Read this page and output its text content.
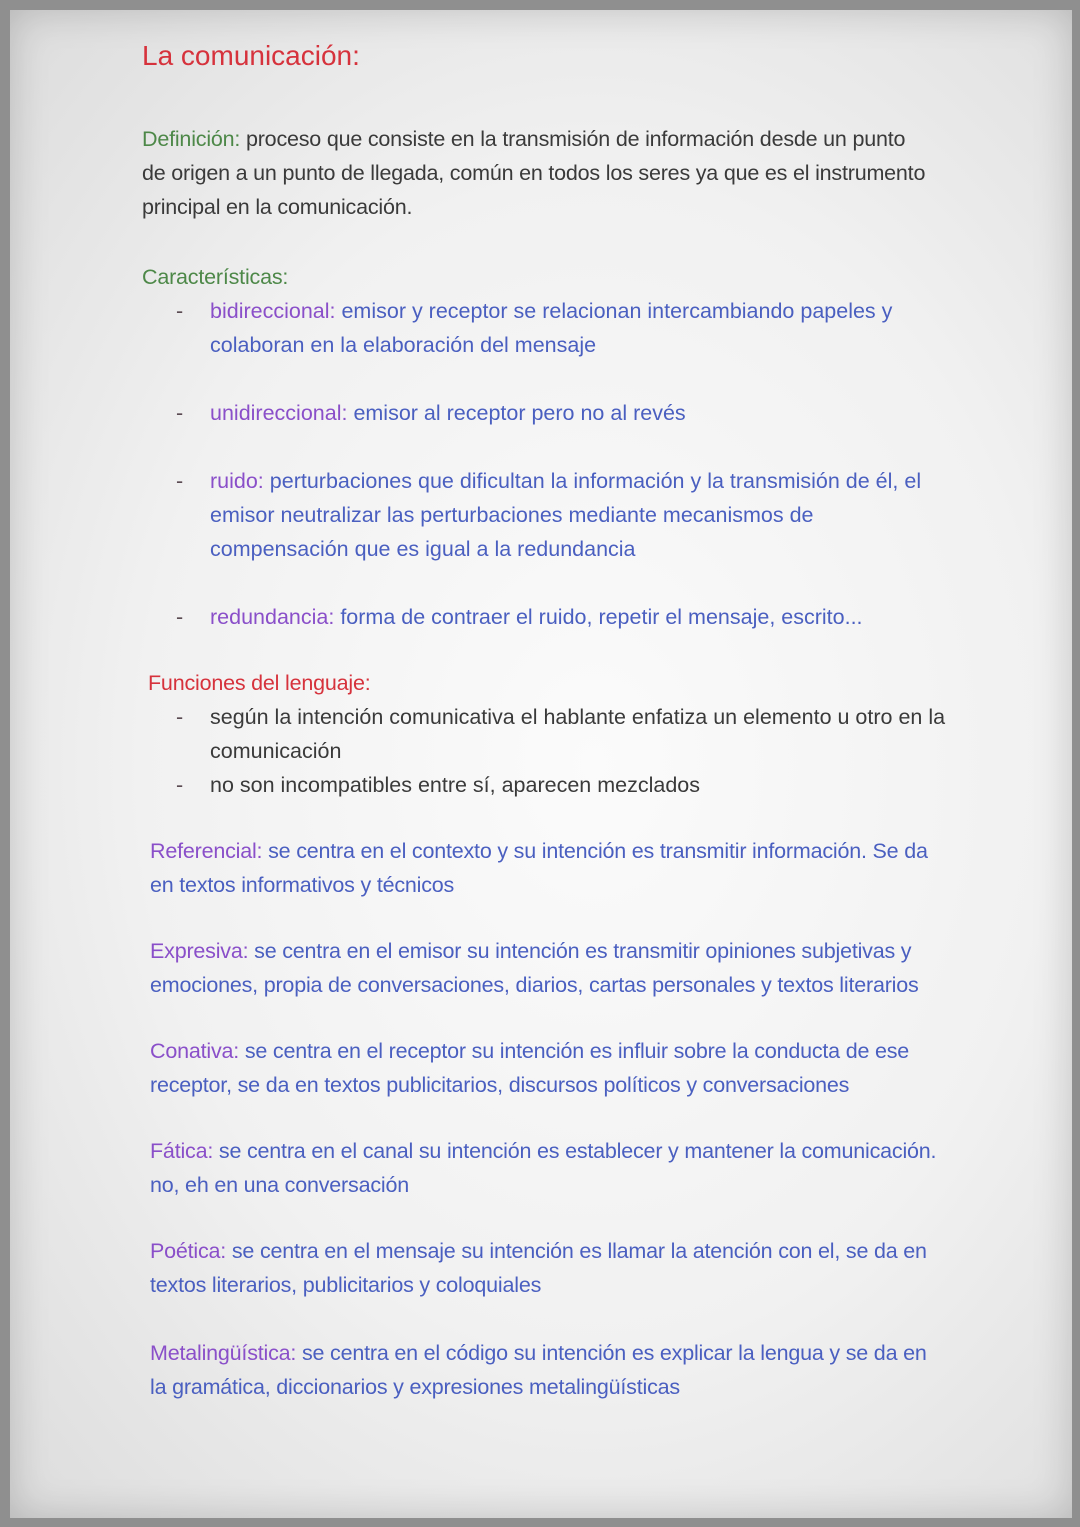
La comunicación:
Definición: proceso que consiste en la transmisión de información desde un punto
de origen a un punto de llegada, común en todos los seres ya que es el instrumento
principal en la comunicación.
Características:
- bidireccional: emisor y receptor se relacionan intercambiando papeles y
colaboran en la elaboración del mensaje
- unidireccional: emisor al receptor pero no al revés
- ruido: perturbaciones que dificultan la información y la transmisión de él, el
emisor neutralizar las perturbaciones mediante mecanismos de
compensación que es igual a la redundancia
- redundancia: forma de contraer el ruido, repetir el mensaje, escrito...
Funciones del lenguaje:
- según la intención comunicativa el hablante enfatiza un elemento u otro en la
comunicación
- no son incompatibles entre sí, aparecen mezclados
Referencial: se centra en el contexto y su intención es transmitir información. Se da
en textos informativos y técnicos
Expresiva: se centra en el emisor su intención es transmitir opiniones subjetivas y
emociones, propia de conversaciones, diarios, cartas personales y textos literarios
Conativa: se centra en el receptor su intención es influir sobre la conducta de ese
receptor, se da en textos publicitarios, discursos políticos y conversaciones
Fática: se centra en el canal su intención es establecer y mantener la comunicación.
no, eh en una conversación
Poética: se centra en el mensaje su intención es llamar la atención con el, se da en
textos literarios, publicitarios y coloquiales
Metalingüística: se centra en el código su intención es explicar la lengua y se da en
la gramática, diccionarios y expresiones metalingüísticas
